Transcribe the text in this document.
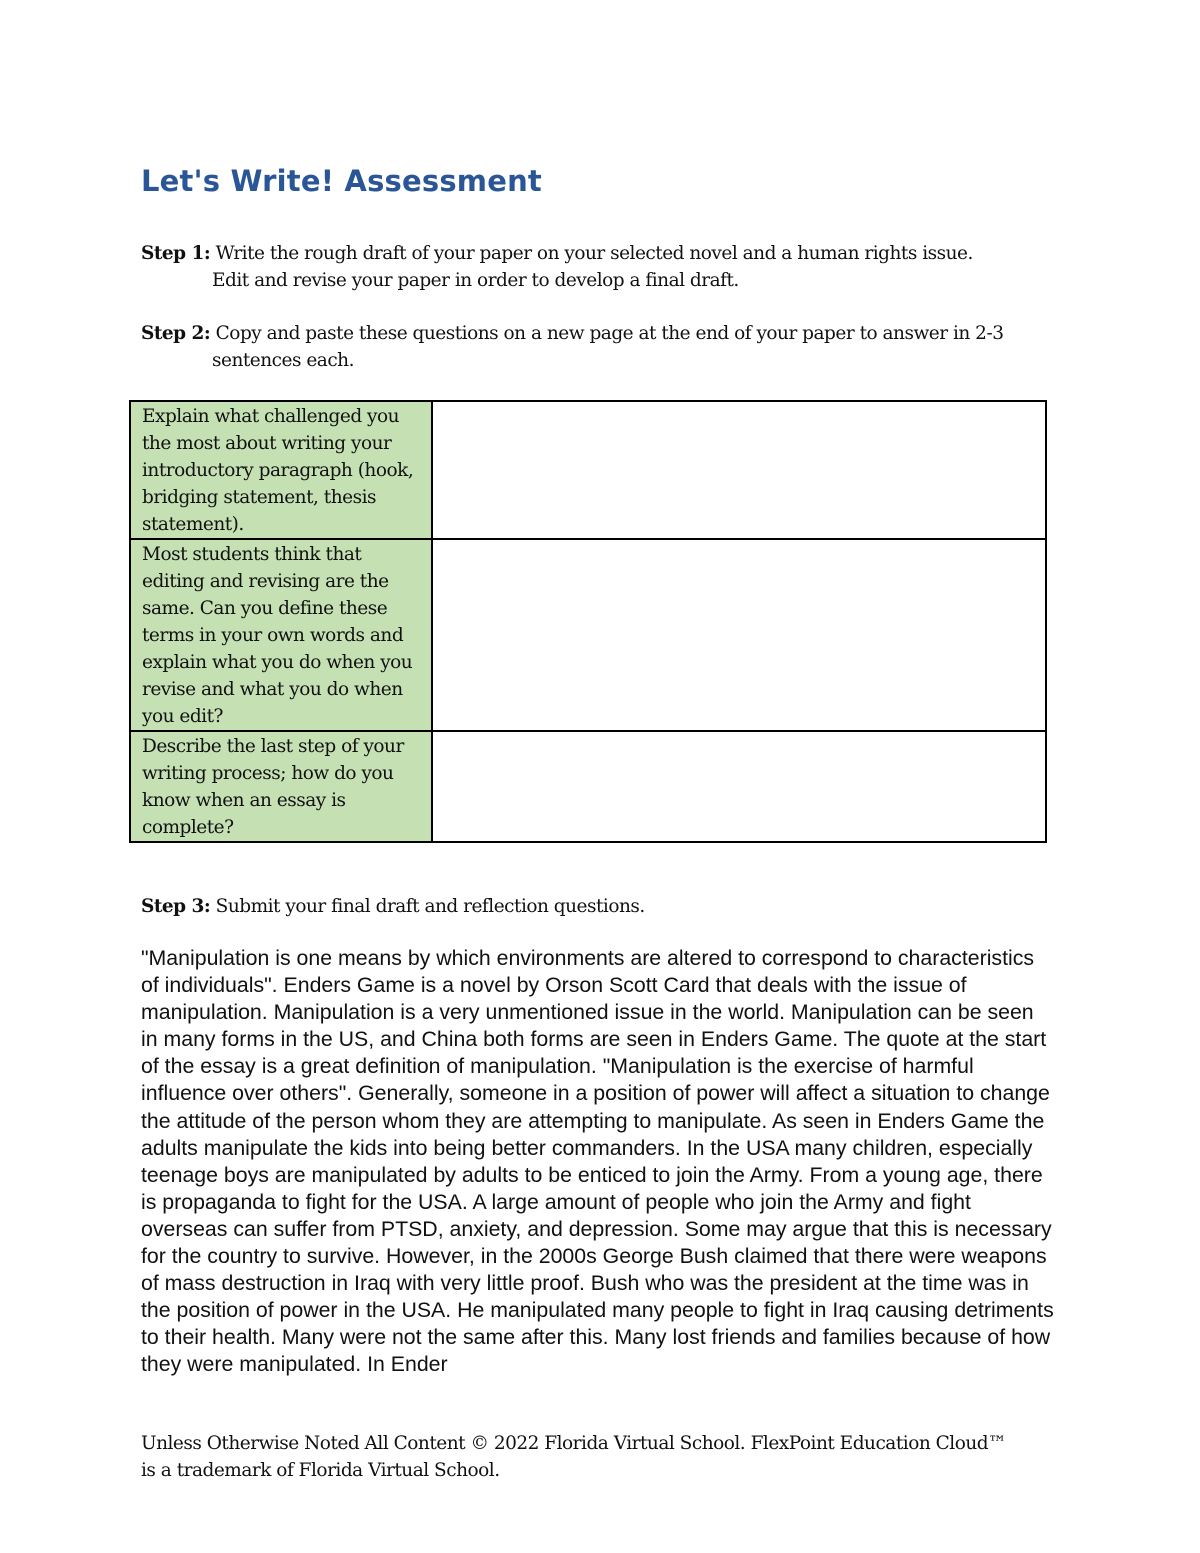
Let's Write! Assessment
Step 1: Write the rough draft of your paper on your selected novel and a human rights issue.
Edit and revise your paper in order to develop a final draft.
Step 2: Copy and paste these questions on a new page at the end of your paper to answer in 2-3
sentences each.
Explain what challenged you the most about writing your introductory paragraph (hook, bridging statement, thesis statement).	
Most students think that editing and revising are the same. Can you define these terms in your own words and explain what you do when you revise and what you do when you edit?	
Describe the last step of your writing process; how do you know when an essay is complete?	
Step 3: Submit your final draft and reflection questions.

"Manipulation is one means by which environments are altered to correspond to characteristics of individuals". Enders Game is a novel by Orson Scott Card that deals with the issue of manipulation. Manipulation is a very unmentioned issue in the world. Manipulation can be seen in many forms in the US, and China both forms are seen in Enders Game. The quote at the start of the essay is a great definition of manipulation. "Manipulation is the exercise of harmful influence over others". Generally, someone in a position of power will affect a situation to change the attitude of the person whom they are attempting to manipulate. As seen in Enders Game the adults manipulate the kids into being better commanders. In the USA many children, especially teenage boys are manipulated by adults to be enticed to join the Army. From a young age, there is propaganda to fight for the USA. A large amount of people who join the Army and fight overseas can suffer from PTSD, anxiety, and depression. Some may argue that this is necessary for the country to survive. However, in the 2000s George Bush claimed that there were weapons of mass destruction in Iraq with very little proof. Bush who was the president at the time was in the position of power in the USA. He manipulated many people to fight in Iraq causing detriments to their health. Many were not the same after this. Many lost friends and families because of how they were manipulated. In Ender

Unless Otherwise Noted All Content © 2022 Florida Virtual School. FlexPoint Education Cloud™ is a trademark of Florida Virtual School.
